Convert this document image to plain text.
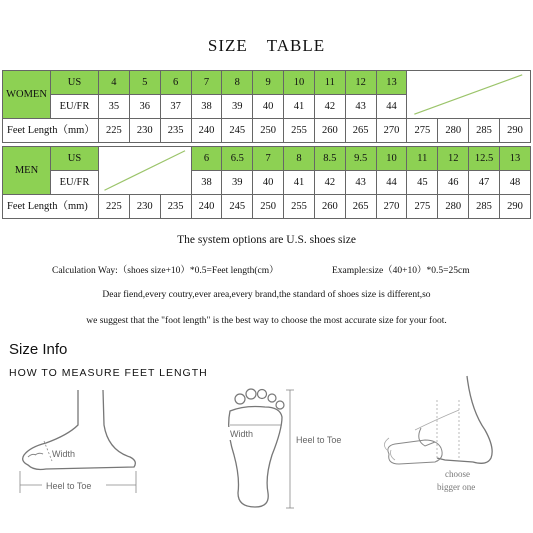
SIZE TABLE
WOMEN	US	4	5	6	7	8	9	10	11	12	13	

	EU/FR	35	36	37	38	39	40	41	42	43	44				
Feet Length（mm）		225	230	235	240	245	250	255	260	265	270	275	280	285	290

MEN	US				6	6.5	7	8	8.5	9.5	10	11	12	12.5	13
	EU/FR				38	39	40	41	42	43	44	45	46	47	48
Feet Length（mm)		225	230	235	240	245	250	255	260	265	270	275	280	285	290
The system options are U.S. shoes size
Calculation Way:（shoes size+10）*0.5=Feet length(cm）	Example:size（40+10）*0.5=25cm
Dear fiend,every coutry,ever area,every brand,the standard of shoes size is different,so
we suggest that the "foot length" is the best way to choose the most accurate size for your foot.
Size Info
HOW TO MEASURE FEET LENGTH
Width
Heel to Toe
Width
Heel to Toe
choose
bigger one
